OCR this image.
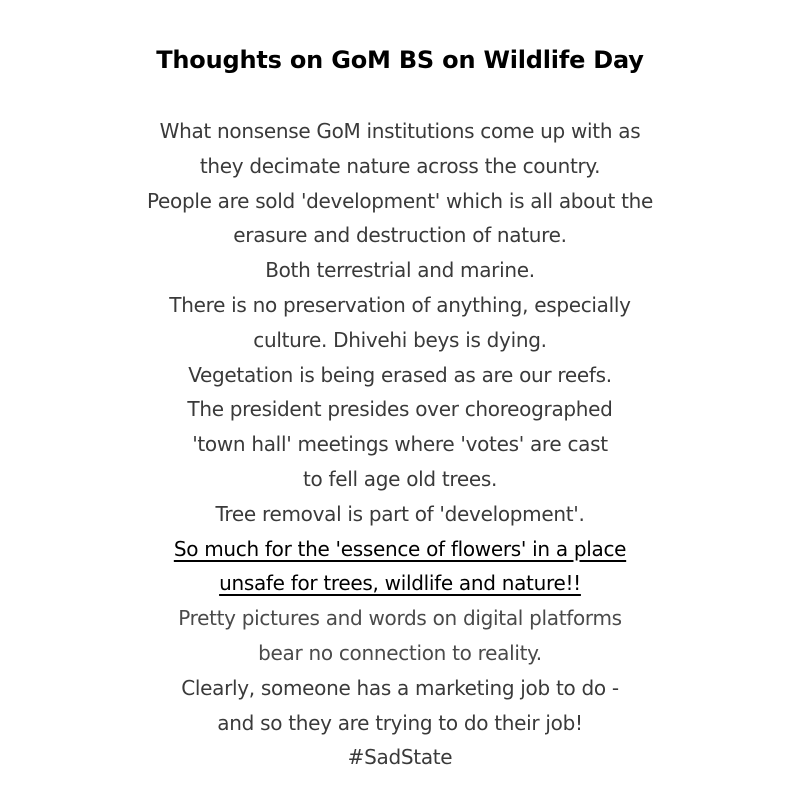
Thoughts on GoM BS on Wildlife Day
What nonsense GoM institutions come up with as
they decimate nature across the country.
People are sold 'development' which is all about the
erasure and destruction of nature.
Both terrestrial and marine.
There is no preservation of anything, especially
culture. Dhivehi beys is dying.
Vegetation is being erased as are our reefs.
The president presides over choreographed
'town hall' meetings where 'votes' are cast
to fell age old trees.
Tree removal is part of 'development'.
So much for the 'essence of flowers' in a place
unsafe for trees, wildlife and nature!!
Pretty pictures and words on digital platforms
bear no connection to reality.
Clearly, someone has a marketing job to do -
and so they are trying to do their job!
#SadState
